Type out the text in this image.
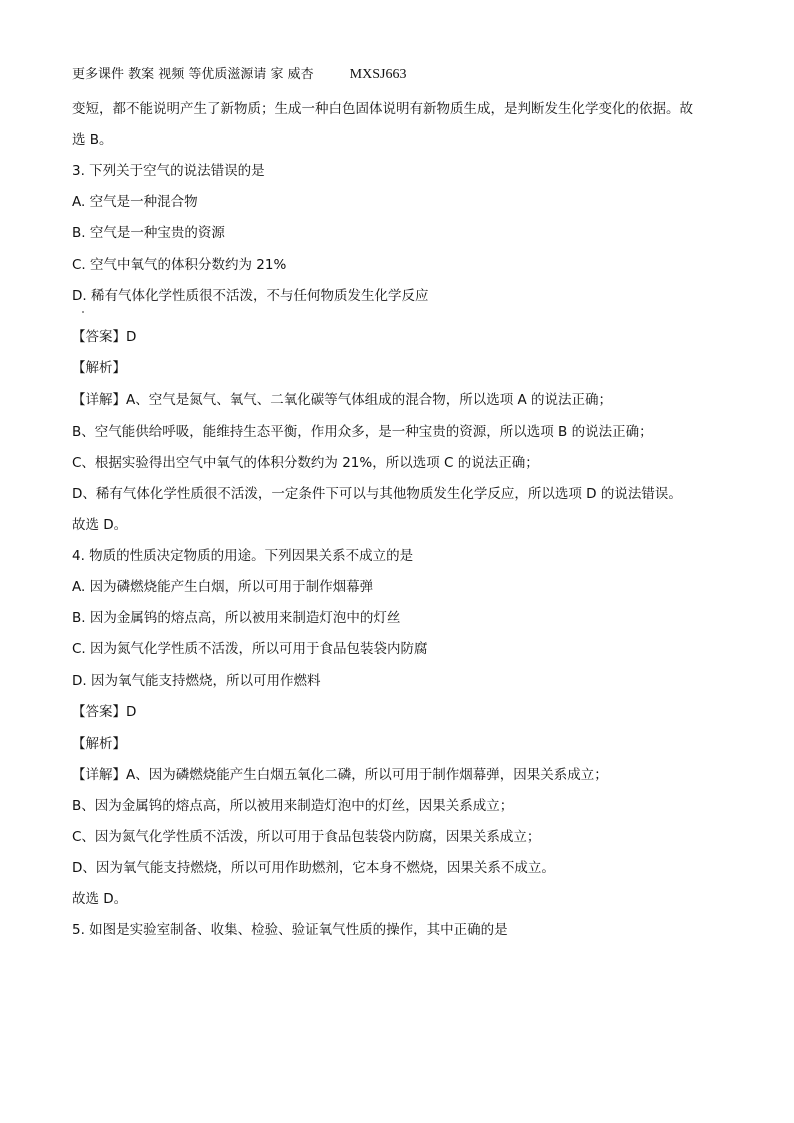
更多课件 教案 视频 等优质滋源请 家 威杏	MXSJ663
变短，都不能说明产生了新物质；生成一种白色固体说明有新物质生成，是判断发生化学变化的依据。故
选 B。
3. 下列关于空气的说法错误的是
A. 空气是一种混合物
B. 空气是一种宝贵的资源
C. 空气中氧气的体积分数约为 21%
D. 稀有气体化学性质很不活泼，不与任何物质发生化学反应
【答案】D
【解析】
【详解】A、空气是氮气、氧气、二氧化碳等气体组成的混合物，所以选项 A 的说法正确；
B、空气能供给呼吸，能维持生态平衡，作用众多，是一种宝贵的资源，所以选项 B 的说法正确；
C、根据实验得出空气中氧气的体积分数约为 21%，所以选项 C 的说法正确；
D、稀有气体化学性质很不活泼，一定条件下可以与其他物质发生化学反应，所以选项 D 的说法错误。
故选 D。
4. 物质的性质决定物质的用途。下列因果关系不成立的是
A. 因为磷燃烧能产生白烟，所以可用于制作烟幕弹
B. 因为金属钨的熔点高，所以被用来制造灯泡中的灯丝
C. 因为氮气化学性质不活泼，所以可用于食品包装袋内防腐
D. 因为氧气能支持燃烧，所以可用作燃料
【答案】D
【解析】
【详解】A、因为磷燃烧能产生白烟五氧化二磷，所以可用于制作烟幕弹，因果关系成立；
B、因为金属钨的熔点高，所以被用来制造灯泡中的灯丝，因果关系成立；
C、因为氮气化学性质不活泼，所以可用于食品包装袋内防腐，因果关系成立；
D、因为氧气能支持燃烧，所以可用作助燃剂，它本身不燃烧，因果关系不成立。
故选 D。
5. 如图是实验室制备、收集、检验、验证氧气性质的操作，其中正确的是
